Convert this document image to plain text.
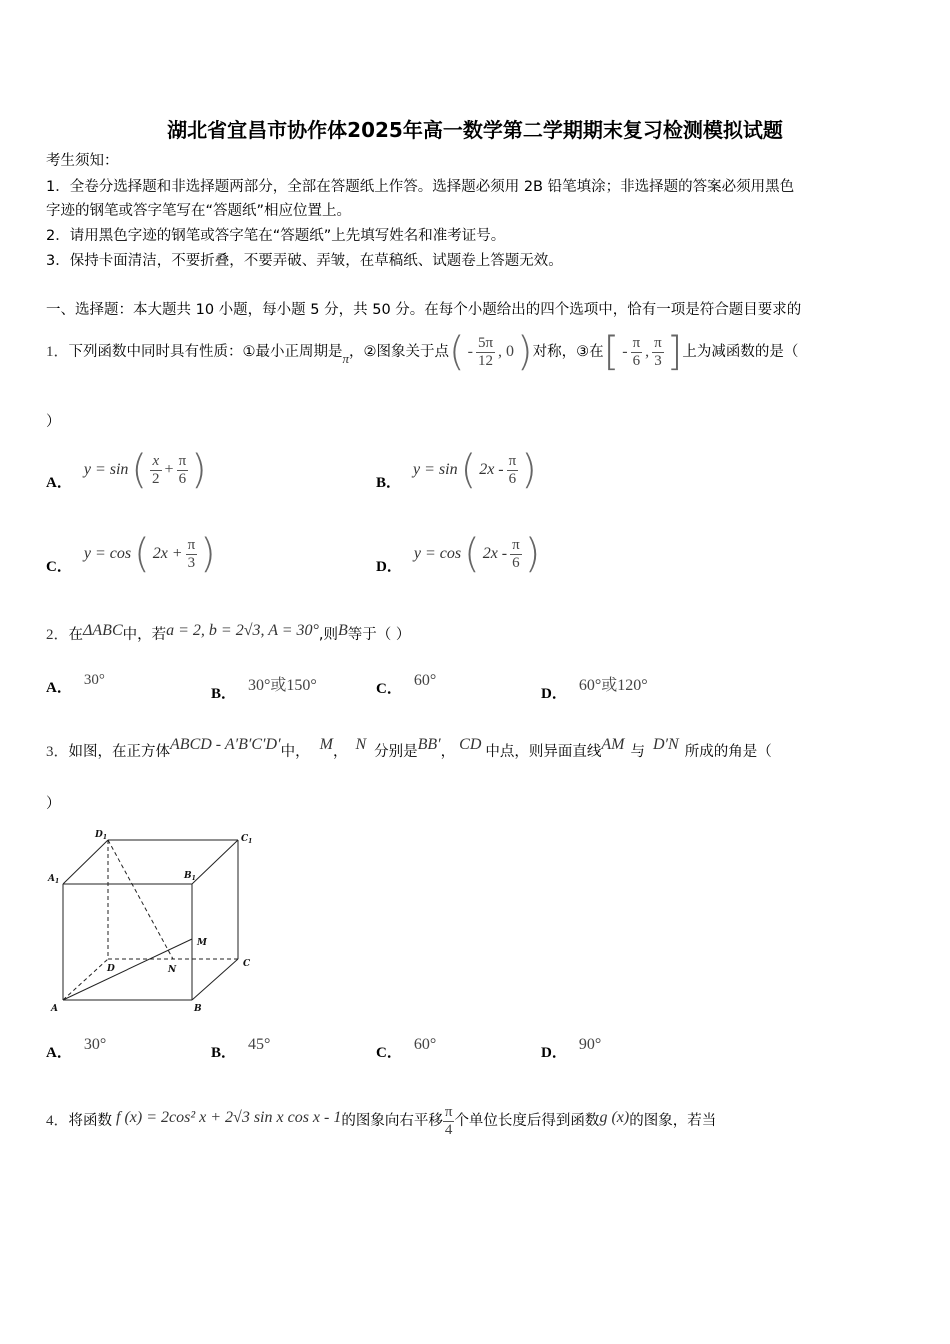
湖北省宜昌市协作体2025年高一数学第二学期期末复习检测模拟试题
考生须知：
1．全卷分选择题和非选择题两部分，全部在答题纸上作答。选择题必须用 2B 铅笔填涂；非选择题的答案必须用黑色
字迹的钢笔或答字笔写在“答题纸”相应位置上。
2．请用黑色字迹的钢笔或答字笔在“答题纸”上先填写姓名和准考证号。
3．保持卡面清洁，不要折叠，不要弄破、弄皱，在草稿纸、试题卷上答题无效。
一、选择题：本大题共 10 小题，每小题 5 分，共 50 分。在每个小题给出的四个选项中，恰有一项是符合题目要求的
1． 下列函数中同时具有性质：①最小正周期是 π ，②图象关于点 ( - $\frac{5\pi}{12}$ , 0 ) 对称，③在 [ - $\frac{\pi}{6}$ , $\frac{\pi}{3}$ ] 上为减函数的是（
）
A．
y = sin ( $\frac{x}{2} + \frac{\pi}{6}$ )	B．
y = sin ( $2x - \frac{\pi}{6}$ )
C．
y = cos ( $2x + \frac{\pi}{3}$ )	D．
y = cos ( $2x - \frac{\pi}{6}$ )
2． 在 ΔABC 中，若 a = 2, b = 2√3, A = 30° ,则 B 等于（ ）
A． 30°
B． 30°或150°	C． 60°
D． 60°或120°
3． 如图，在正方体 ABCD - A′B′C′D′ 中， M ， N 分别是 BB′ ， CD 中点，则异面直线 AM 与 D′N 所成的角是（
）
$D_1$	$C_1$
$A_1$
$B_1$
M
D	N
C
A	B
A． 30°	B． 45°	C． 60°	D． 90°
4． 将函数 f (x) = 2cos² x + 2√3 sin x cos x - 1 的图象向右平移 $\frac{\pi}{4}$ 个单位长度后得到函数 g (x) 的图象，若当
